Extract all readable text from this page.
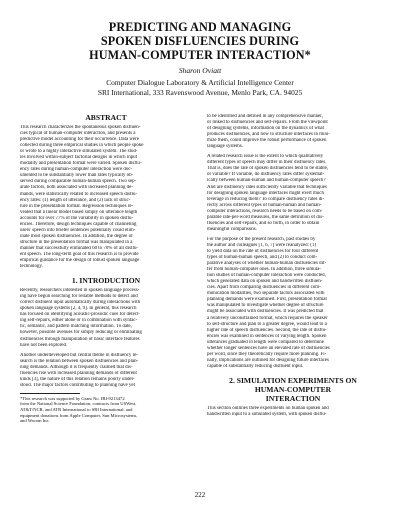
PREDICTING AND MANAGING
SPOKEN DISFLUENCIES DURING
HUMAN-COMPUTER INTERACTION*
Sharon Oviatt
Computer Dialogue Laboratory & Artificial Intelligence Center
SRI International, 333 Ravenswood Avenue, Menlo Park, CA. 94025
ABSTRACT
This research characterizes the spontaneous spoken disfluen-
cies typical of human-computer interaction, and presents a
predictive model accounting for their occurrence. Data were
collected during three empirical studies in which people spoke
or wrote to a highly interactive simulated system. The stud-
ies involved within-subject factorial designs in which input
modality and presentation format were varied. Spoken disflu-
ency rates during human-computer interaction were doc-
umented to be substantially lower than rates typically ob-
served during comparable human-human speech. Two sep-
arate factors, both associated with increased planning de-
mands, were statistically related to increased speech disflu-
ency rates: (1) length of utterance, and (2) lack of struc-
ture in the presentation format. Regression techniques re-
vealed that a linear model based simply on utterance length
accounts for over 77% of the variability in spoken disflu-
encies. Therefore, design techniques capable of channeling
users' speech into briefer sentences potentially could elim-
inate most spoken disfluencies. In addition, the degree of
structure in the presentation format was manipulated in a
manner that successfully eliminated 60 to 70% of all disflu-
ent speech. The long-term goal of this research is to provide
empirical guidance for the design of robust spoken language
technology.
1. INTRODUCTION
Recently, researchers interested in spoken language process-
ing have begun searching for reliable methods to detect and
correct disfluent input automatically during interactions with
spoken language systems [2, 4, 9]. In general, this research
has focused on identifying acoustic-prosodic cues for detect-
ing self-repairs, either alone or in combination with syntac-
tic, semantic, and pattern matching information. To date,
however, possible avenues for simply reducing or eliminating
disfluencies through manipulation of basic interface features
have not been explored.
Another underdeveloped but central theme in disfluency re-
search is the relation between spoken disfluencies and plan-
ning demands. Although it is frequently claimed that dis-
fluencies rise with increased planning demands of different
kinds [3], the nature of this relation remains poorly under-
stood. The major factors contributing to planning have yet
*This research was supported by Grant No. IRI-9213472
from the National Science Foundation, contracts from USWest,
AT&T/NCR, and ATR International to SRI International, and
equipment donations from Apple Computer, Sun Microsystems,
and Wacom Inc.
to be identified and defined in any comprehensive manner,
or linked to disfluencies and self-repairs. From the viewpoint
of designing systems, information on the dynamics of what
produces disfluencies, and how to structure interfaces to mini-
mize them, could improve the robust performance of spoken
language systems.
A related research issue is the extent to which qualitatively
different types of speech may differ in their disfluency rates.
That is, does the rate of spoken disfluencies tend to be stable,
or variable? If variable, do disfluency rates differ systemat-
ically between human-human and human-computer speech?
And are disfluency rates sufficiently variable that techniques
for designing spoken language interfaces might exert much
leverage in reducing them? To compare disfluency rates di-
rectly across different types of human-human and human-
computer interactions, research needs to be based on com-
parable rate-per-word measures, the same definition of dis-
fluencies and self-repairs, and so forth, in order to obtain
meaningful comparisons.
For the purpose of the present research, past studies by
the author and colleagues [1, 6, 7] were reanalyzed: (1)
to yield data on the rate of disfluencies for four different
types of human-human speech, and (2) to conduct com-
parative analyses of whether human-human disfluencies dif-
fer from human-computer ones. In addition, three simula-
tion studies of human-computer interaction were conducted,
which generated data on spoken and handwritten disfluen-
cies. Apart from comparing disfluencies in different com-
munication modalities, two separate factors associated with
planning demands were examined. First, presentation format
was manipulated to investigate whether degree of structure
might be associated with disfluencies. It was predicted that
a relatively unconstrained format, which requires the speaker
to self-structure and plan to a greater degree, would lead to a
higher rate of speech disfluencies. Second, the rate of disflu-
encies was examined in sentences of varying length. Spoken
utterances graduated in length were compared to determine
whether longer sentences have an elevated rate of disfluencies
per word, since they theoretically require more planning. Fi-
nally, implications are outlined for designing future interfaces
capable of substantially reducing disfluent input.
2. SIMULATION EXPERIMENTS ON
HUMAN-COMPUTER
INTERACTION
This section outlines three experiments on human spoken and
handwritten input to a simulated system, with spoken disflu-
222
